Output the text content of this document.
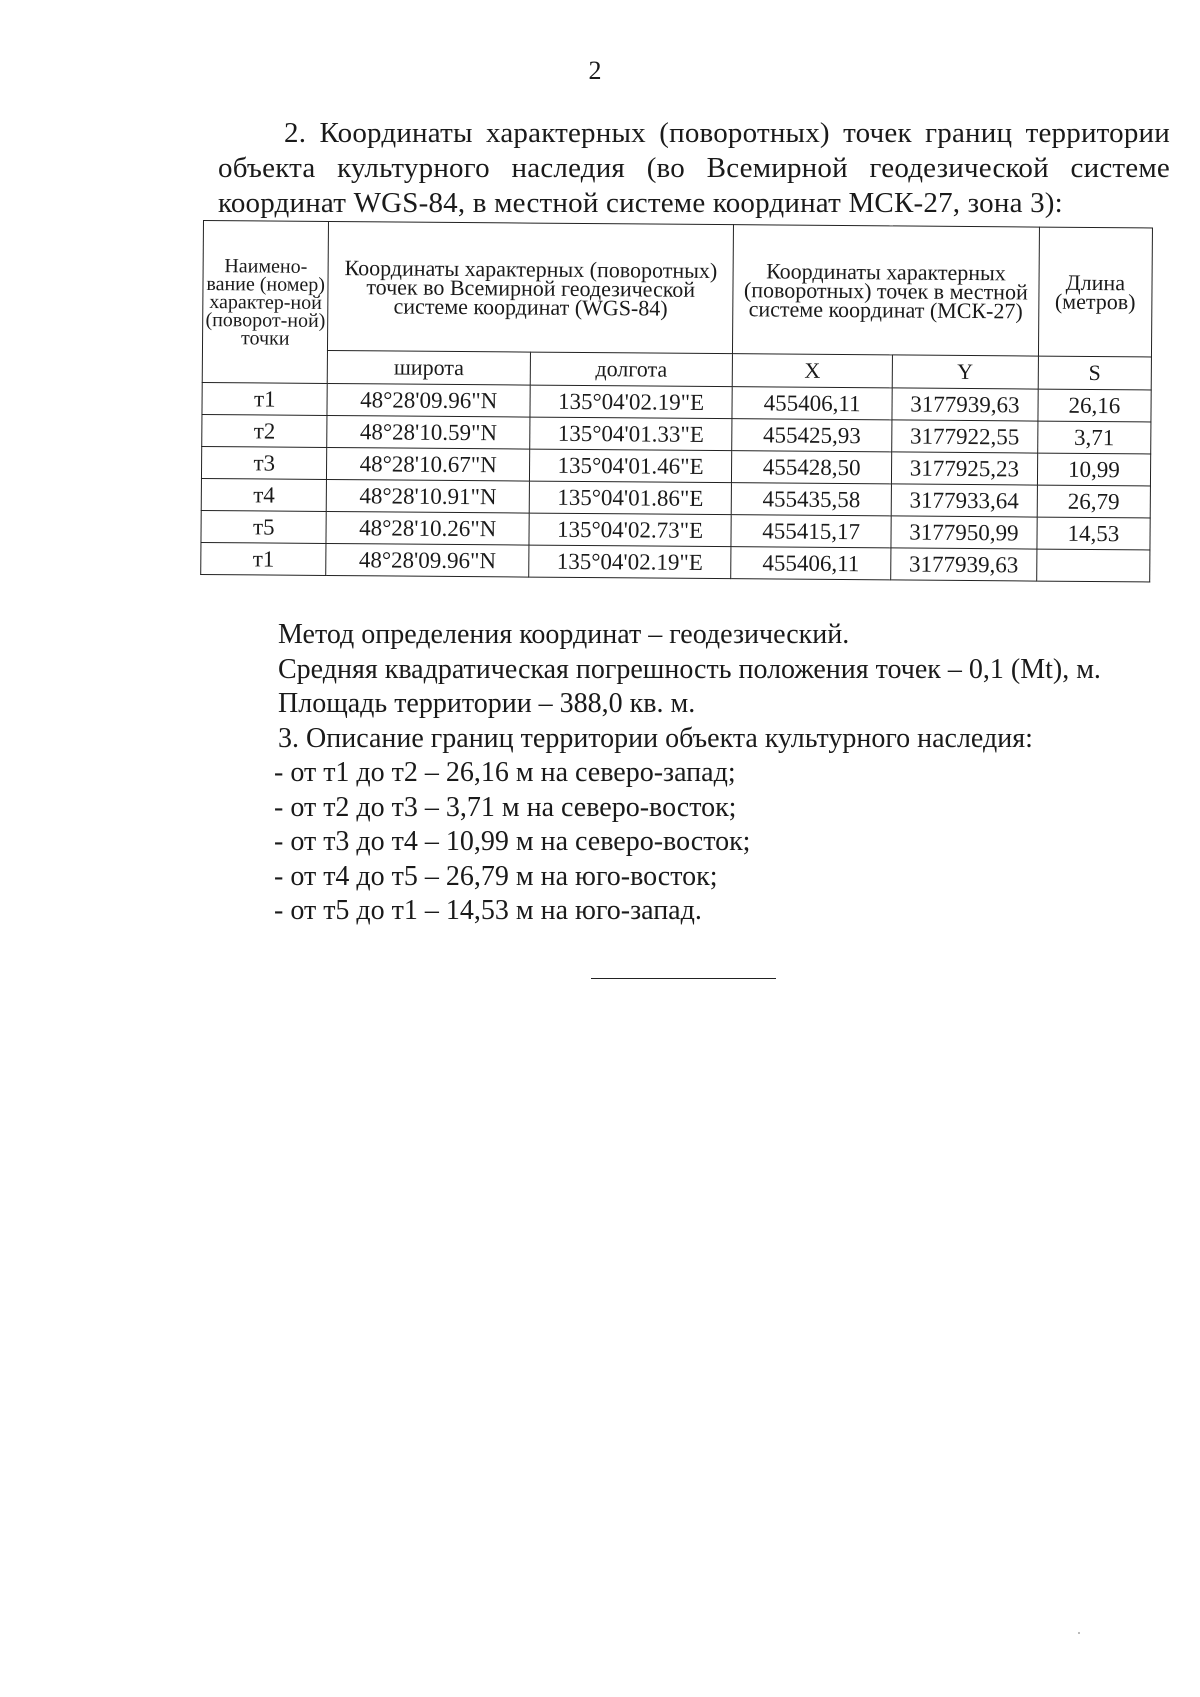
2
2. Координаты характерных (поворотных) точек границ территории объекта культурного наследия (во Всемирной геодезической системе координат WGS-84, в местной системе координат МСК-27, зона 3):
Наимено-вание (номер) характер-ной (поворот-ной) точки	Координаты характерных (поворотных) точек во Всемирной геодезической системе координат (WGS-84)		Координаты характерных (поворотных) точек в местной системе координат (МСК-27)		Длина (метров)
	широта	долгота	X	Y	S
т1	48°28'09.96"N	135°04'02.19"E	455406,11	3177939,63	26,16
т2	48°28'10.59"N	135°04'01.33"E	455425,93	3177922,55	3,71
т3	48°28'10.67"N	135°04'01.46"E	455428,50	3177925,23	10,99
т4	48°28'10.91"N	135°04'01.86"E	455435,58	3177933,64	26,79
т5	48°28'10.26"N	135°04'02.73"E	455415,17	3177950,99	14,53
т1	48°28'09.96"N	135°04'02.19"E	455406,11	3177939,63	

Метод определения координат – геодезический.

Средняя квадратическая погрешность положения точек – 0,1 (Mt), м.

Площадь территории – 388,0 кв. м.

3. Описание границ территории объекта культурного наследия:

- от т1 до т2 – 26,16 м на северо-запад;

- от т2 до т3 – 3,71 м на северо-восток;

- от т3 до т4 – 10,99 м на северо-восток;

- от т4 до т5 – 26,79 м на юго-восток;

- от т5 до т1 – 14,53 м на юго-запад.
